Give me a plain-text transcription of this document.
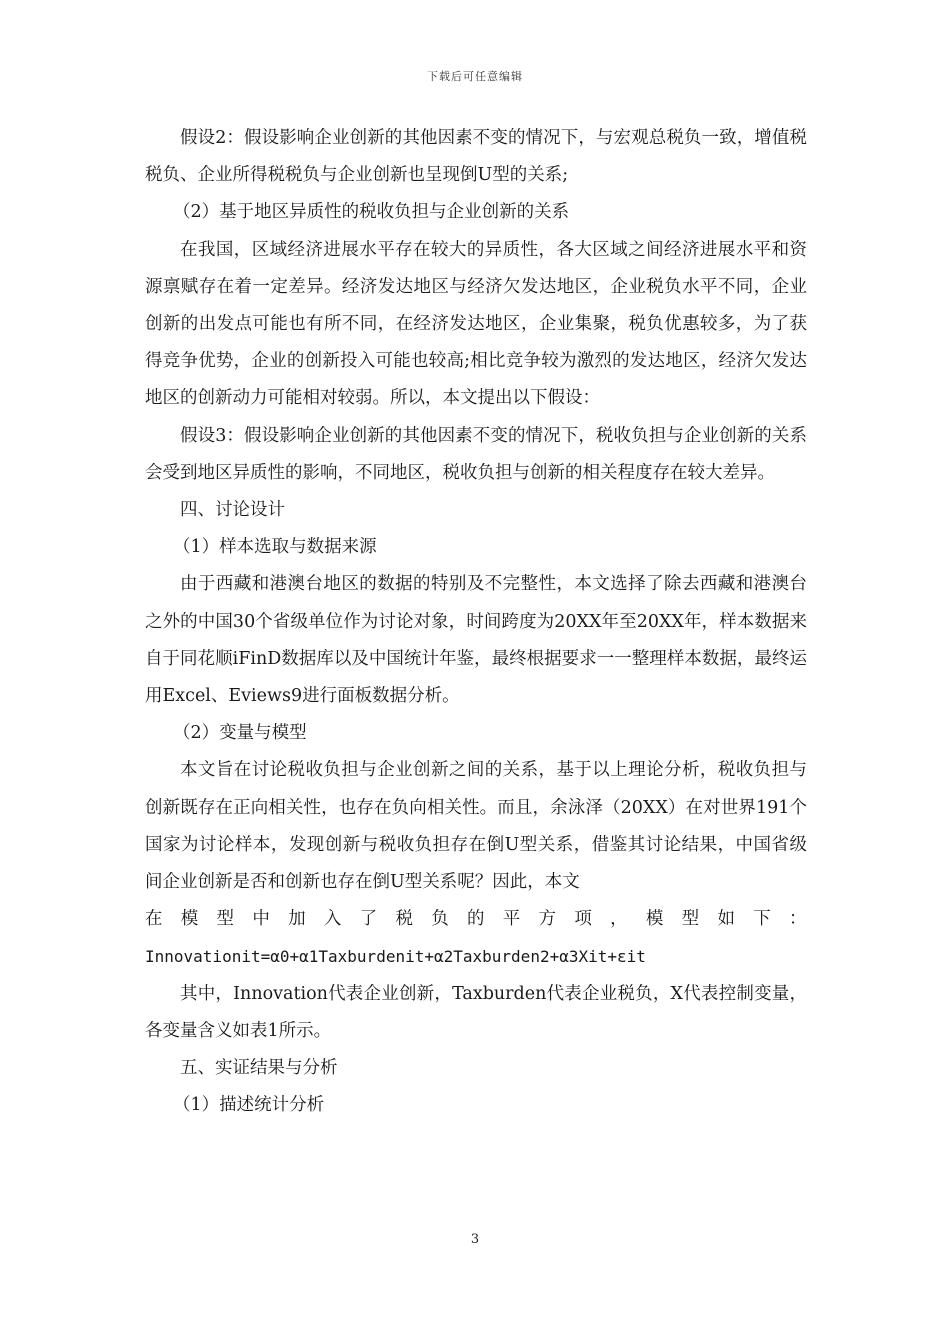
下载后可任意编辑

假设2：假设影响企业创新的其他因素不变的情况下，与宏观总税负一致，增值税税负、企业所得税税负与企业创新也呈现倒U型的关系;

（2）基于地区异质性的税收负担与企业创新的关系

在我国，区域经济进展水平存在较大的异质性，各大区域之间经济进展水平和资源禀赋存在着一定差异。经济发达地区与经济欠发达地区，企业税负水平不同，企业创新的出发点可能也有所不同，在经济发达地区，企业集聚，税负优惠较多，为了获得竞争优势，企业的创新投入可能也较高;相比竞争较为激烈的发达地区，经济欠发达地区的创新动力可能相对较弱。所以，本文提出以下假设：

假设3：假设影响企业创新的其他因素不变的情况下，税收负担与企业创新的关系会受到地区异质性的影响，不同地区，税收负担与创新的相关程度存在较大差异。

四、讨论设计

（1）样本选取与数据来源

由于西藏和港澳台地区的数据的特别及不完整性，本文选择了除去西藏和港澳台之外的中国30个省级单位作为讨论对象，时间跨度为20XX年至20XX年，样本数据来自于同花顺iFinD数据库以及中国统计年鉴，最终根据要求一一整理样本数据，最终运用Excel、Eviews9进行面板数据分析。

（2）变量与模型

本文旨在讨论税收负担与企业创新之间的关系，基于以上理论分析，税收负担与创新既存在正向相关性，也存在负向相关性。而且，余泳泽（20XX）在对世界191个国家为讨论样本，发现创新与税收负担存在倒U型关系，借鉴其讨论结果，中国省级间企业创新是否和创新也存在倒U型关系呢？因此，本文

在模型中加入了税负的平方项，模型如下：

Innovationit=α0+α1Taxburdenit+α2Taxburden2+α3Xit+εit

其中，Innovation代表企业创新，Taxburden代表企业税负，X代表控制变量，各变量含义如表1所示。

五、实证结果与分析

（1）描述统计分析

3
